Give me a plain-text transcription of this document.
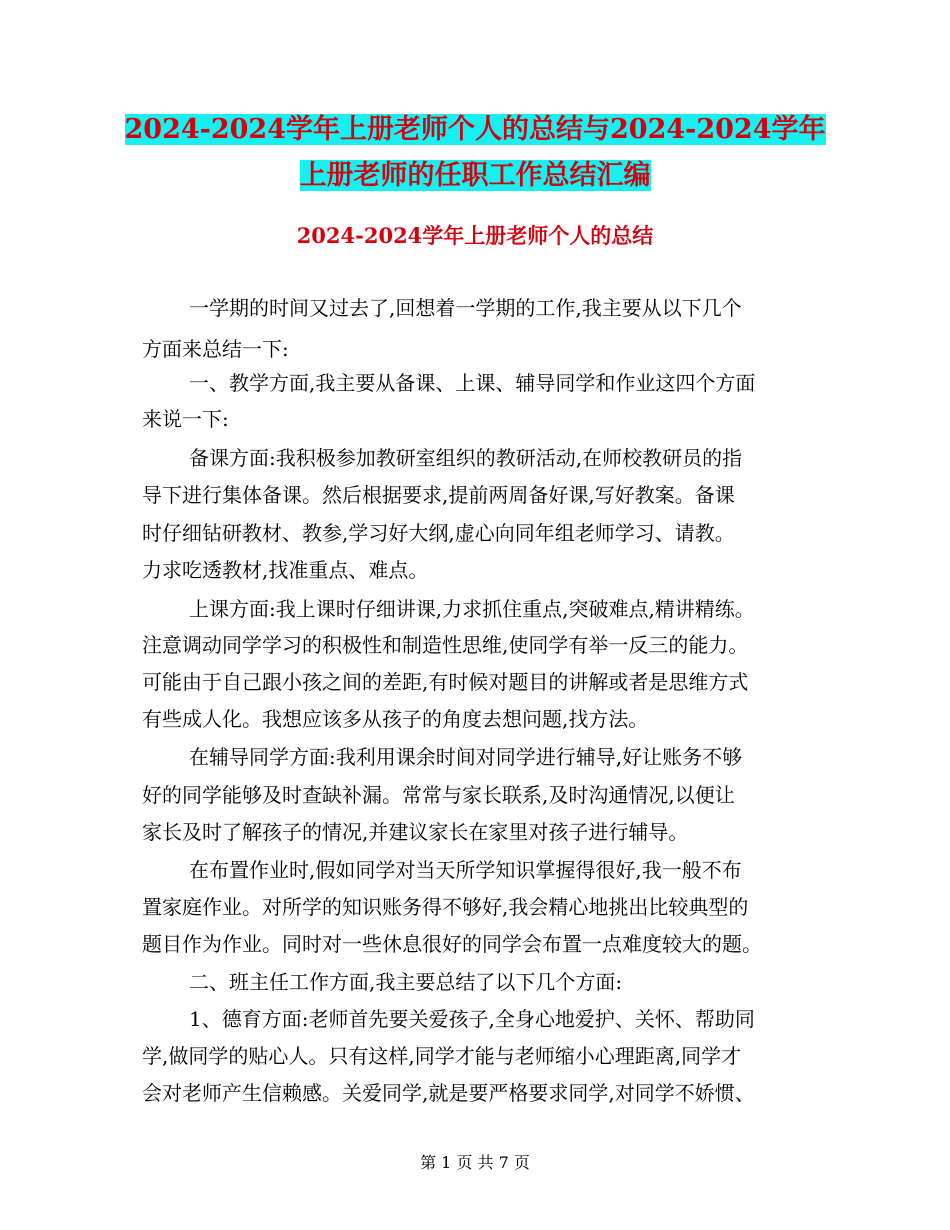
2024-2024学年上册老师个人的总结与2024-2024学年
上册老师的任职工作总结汇编
2024-2024学年上册老师个人的总结
一学期的时间又过去了,回想着一学期的工作,我主要从以下几个
方面来总结一下:
一、教学方面,我主要从备课、上课、辅导同学和作业这四个方面
来说一下:
备课方面:我积极参加教研室组织的教研活动,在师校教研员的指
导下进行集体备课。然后根据要求,提前两周备好课,写好教案。备课
时仔细钻研教材、教参,学习好大纲,虚心向同年组老师学习、请教。
力求吃透教材,找准重点、难点。
上课方面:我上课时仔细讲课,力求抓住重点,突破难点,精讲精练。
注意调动同学学习的积极性和制造性思维,使同学有举一反三的能力。
可能由于自己跟小孩之间的差距,有时候对题目的讲解或者是思维方式
有些成人化。我想应该多从孩子的角度去想问题,找方法。
在辅导同学方面:我利用课余时间对同学进行辅导,好让账务不够
好的同学能够及时查缺补漏。常常与家长联系,及时沟通情况,以便让
家长及时了解孩子的情况,并建议家长在家里对孩子进行辅导。
在布置作业时,假如同学对当天所学知识掌握得很好,我一般不布
置家庭作业。对所学的知识账务得不够好,我会精心地挑出比较典型的
题目作为作业。同时对一些休息很好的同学会布置一点难度较大的题。
二、班主任工作方面,我主要总结了以下几个方面:
1、德育方面:老师首先要关爱孩子,全身心地爱护、关怀、帮助同
学,做同学的贴心人。只有这样,同学才能与老师缩小心理距离,同学才
会对老师产生信赖感。关爱同学,就是要严格要求同学,对同学不娇惯、
第 1 页 共 7 页
